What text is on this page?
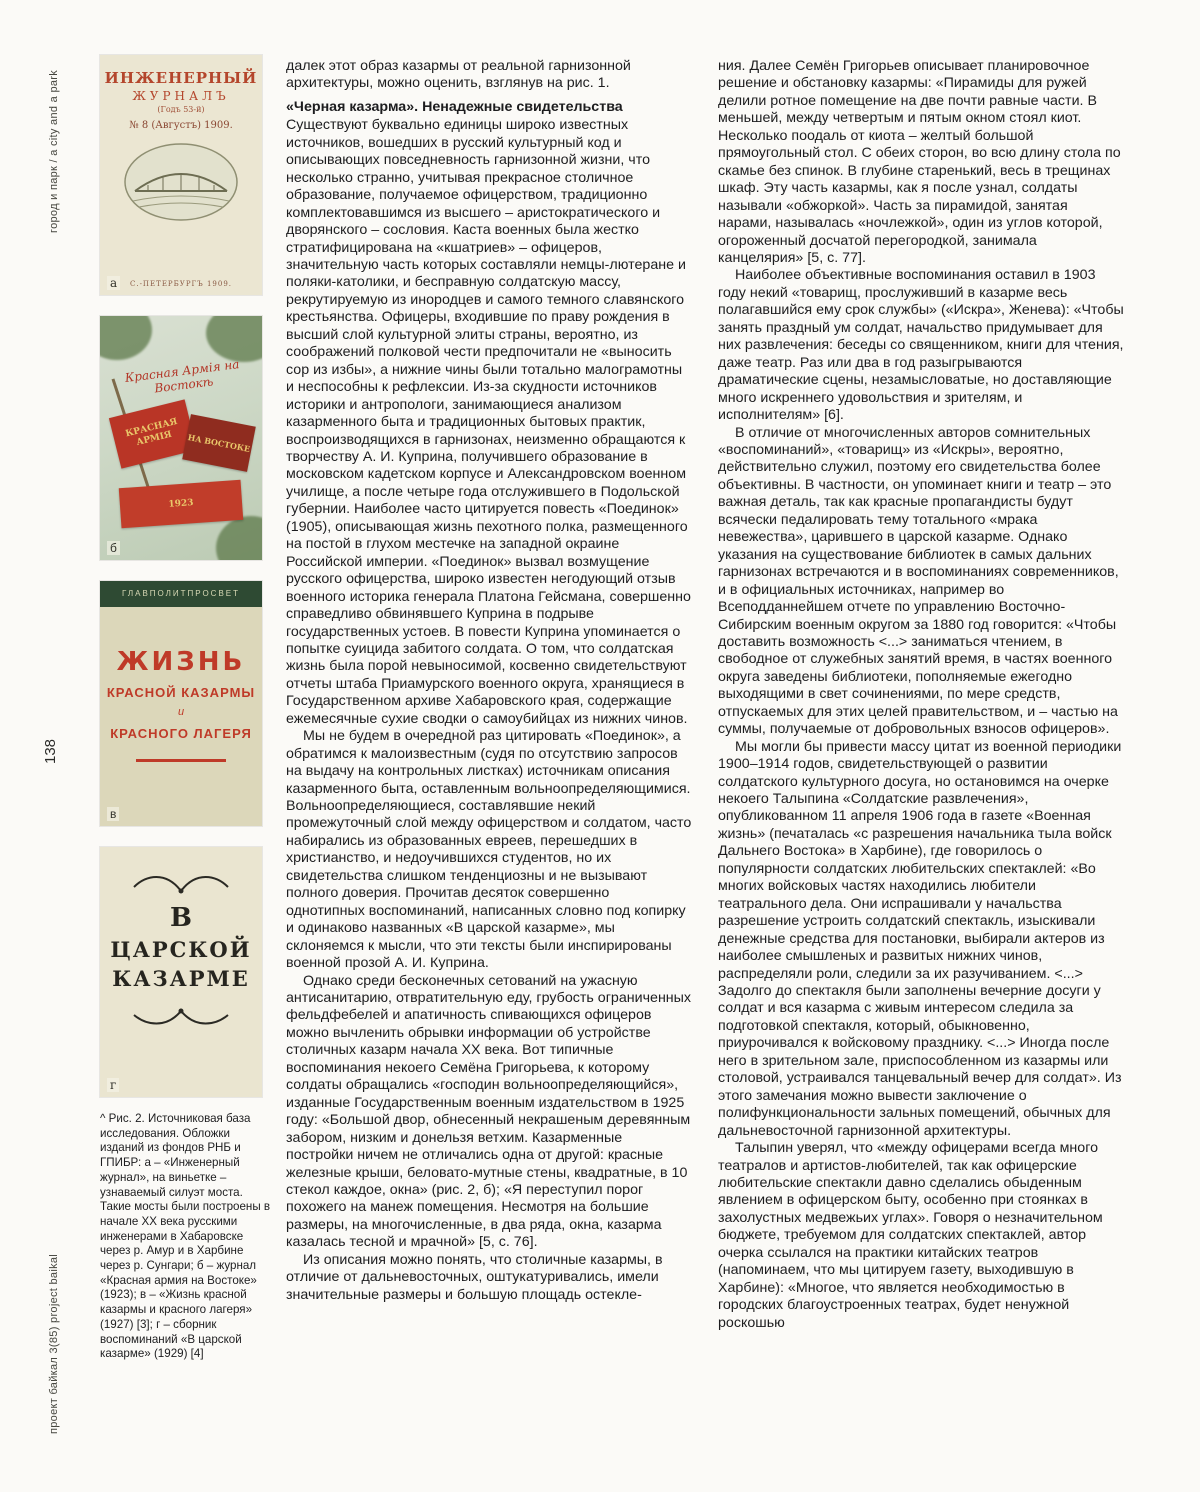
город и парк / a city and a park
138
проект байкал 3(85) project baikal
ИНЖЕНЕРНЫЙ
ЖУРНАЛЪ
(Годъ 53-й)
№ 8 (Августъ) 1909.
С.-ПЕТЕРБУРГЪ 1909.
а
Красная Армія на Востокѣ
КРАСНАЯ АРМІЯ	НА ВОСТОКЕ
1923
б
ГЛАВПОЛИТПРОСВЕТ
ЖИЗНЬ
КРАСНОЙ КАЗАРМЫ
и
КРАСНОГО ЛАГЕРЯ
в
В
ЦАРСКОЙ
КАЗАРМЕ
г
^ Рис. 2. Источниковая база исследования. Обложки изданий из фондов РНБ и ГПИБР: а – «Инженерный журнал», на виньетке – узнаваемый силуэт моста. Такие мосты были построены в начале XX века русскими инженерами в Хабаровске через р. Амур и в Харбине через р. Сунгари; б – журнал «Красная армия на Востоке» (1923); в – «Жизнь красной казармы и красного лагеря» (1927) [3]; г – сборник воспоминаний «В царской казарме» (1929) [4]

далек этот образ казармы от реальной гарнизонной архитектуры, можно оценить, взглянув на рис. 1.

«Черная казарма». Ненадежные свидетельства

Существуют буквально единицы широко известных источников, вошедших в русский культурный код и описывающих повседневность гарнизонной жизни, что несколько странно, учитывая прекрасное столичное образование, получаемое офицерством, традиционно комплектовавшимся из высшего – аристократического и дворянского – сословия. Каста военных была жестко стратифицирована на «кшатриев» – офицеров, значительную часть которых составляли немцы-лютеране и поляки-католики, и бесправную солдатскую массу, рекрутируемую из инородцев и самого темного славянского крестьянства. Офицеры, входившие по праву рождения в высший слой культурной элиты страны, вероятно, из соображений полковой чести предпочитали не «выносить сор из избы», а нижние чины были тотально малограмотны и неспособны к рефлексии. Из-за скудности источников историки и антропологи, занимающиеся анализом казарменного быта и традиционных бытовых практик, воспроизводящихся в гарнизонах, неизменно обращаются к творчеству А. И. Куприна, получившего образование в московском кадетском корпусе и Александровском военном училище, а после четыре года отслужившего в Подольской губернии. Наиболее часто цитируется повесть «Поединок» (1905), описывающая жизнь пехотного полка, размещенного на постой в глухом местечке на западной окраине Российской империи. «Поединок» вызвал возмущение русского офицерства, широко известен негодующий отзыв военного историка генерала Платона Гейсмана, совершенно справедливо обвинявшего Куприна в подрыве государственных устоев. В повести Куприна упоминается о попытке суицида забитого солдата. О том, что солдатская жизнь была порой невыносимой, косвенно свидетельствуют отчеты штаба Приамурского военного округа, хранящиеся в Государственном архиве Хабаровского края, содержащие ежемесячные сухие сводки о самоубийцах из нижних чинов.

Мы не будем в очередной раз цитировать «Поединок», а обратимся к малоизвестным (судя по отсутствию запросов на выдачу на контрольных листках) источникам описания казарменного быта, оставленным вольноопределяющимися. Вольноопределяющиеся, составлявшие некий промежуточный слой между офицерством и солдатом, часто набирались из образованных евреев, перешедших в христианство, и недоучившихся студентов, но их свидетельства слишком тенденциозны и не вызывают полного доверия. Прочитав десяток совершенно однотипных воспоминаний, написанных словно под копирку и одинаково названных «В царской казарме», мы склоняемся к мысли, что эти тексты были инспирированы военной прозой А. И. Куприна.

Однако среди бесконечных сетований на ужасную антисанитарию, отвратительную еду, грубость ограниченных фельдфебелей и апатичность спивающихся офицеров можно вычленить обрывки информации об устройстве столичных казарм начала XX века. Вот типичные воспоминания некоего Семёна Григорьева, к которому солдаты обращались «господин вольноопределяющийся», изданные Государственным военным издательством в 1925 году: «Большой двор, обнесенный некрашеным деревянным забором, низким и донельзя ветхим. Казарменные постройки ничем не отличались одна от другой: красные железные крыши, беловато-мутные стены, квадратные, в 10 стекол каждое, окна» (рис. 2, б); «Я переступил порог похожего на манеж помещения. Несмотря на большие размеры, на многочисленные, в два ряда, окна, казарма казалась тесной и мрачной» [5, с. 76].

Из описания можно понять, что столичные казармы, в отличие от дальневосточных, оштукатуривались, имели значительные размеры и большую площадь остекле-

ния. Далее Семён Григорьев описывает планировочное решение и обстановку казармы: «Пирамиды для ружей делили ротное помещение на две почти равные части. В меньшей, между четвертым и пятым окном стоял киот. Несколько поодаль от киота – желтый большой прямоугольный стол. С обеих сторон, во всю длину стола по скамье без спинок. В глубине старенький, весь в трещинах шкаф. Эту часть казармы, как я после узнал, солдаты называли «обжоркой». Часть за пирамидой, занятая нарами, называлась «ночлежкой», один из углов которой, огороженный досчатой перегородкой, занимала канцелярия» [5, с. 77].

Наиболее объективные воспоминания оставил в 1903 году некий «товарищ, прослуживший в казарме весь полагавшийся ему срок службы» («Искра», Женева): «Чтобы занять праздный ум солдат, начальство придумывает для них развлечения: беседы со священником, книги для чтения, даже театр. Раз или два в год разыгрываются драматические сцены, незамысловатые, но доставляющие много искреннего удовольствия и зрителям, и исполнителям» [6].

В отличие от многочисленных авторов сомнительных «воспоминаний», «товарищ» из «Искры», вероятно, действительно служил, поэтому его свидетельства более объективны. В частности, он упоминает книги и театр – это важная деталь, так как красные пропагандисты будут всячески педалировать тему тотального «мрака невежества», царившего в царской казарме. Однако указания на существование библиотек в самых дальних гарнизонах встречаются и в воспоминаниях современников, и в официальных источниках, например во Всеподданнейшем отчете по управлению Восточно-Сибирским военным округом за 1880 год говорится: «Чтобы доставить возможность <...> заниматься чтением, в свободное от служебных занятий время, в частях военного округа заведены библиотеки, пополняемые ежегодно выходящими в свет сочинениями, по мере средств, отпускаемых для этих целей правительством, и – частью на суммы, получаемые от добровольных взносов офицеров».

Мы могли бы привести массу цитат из военной периодики 1900–1914 годов, свидетельствующей о развитии солдатского культурного досуга, но остановимся на очерке некоего Талыпина «Солдатские развлечения», опубликованном 11 апреля 1906 года в газете «Военная жизнь» (печаталась «с разрешения начальника тыла войск Дальнего Востока» в Харбине), где говорилось о популярности солдатских любительских спектаклей: «Во многих войсковых частях находились любители театрального дела. Они испрашивали у начальства разрешение устроить солдатский спектакль, изыскивали денежные средства для постановки, выбирали актеров из наиболее смышленых и развитых нижних чинов, распределяли роли, следили за их разучиванием. <...> Задолго до спектакля были заполнены вечерние досуги у солдат и вся казарма с живым интересом следила за подготовкой спектакля, который, обыкновенно, приурочивался к войсковому празднику. <...> Иногда после него в зрительном зале, приспособленном из казармы или столовой, устраивался танцевальный вечер для солдат». Из этого замечания можно вывести заключение о полифункциональности зальных помещений, обычных для дальневосточной гарнизонной архитектуры.

Талыпин уверял, что «между офицерами всегда много театралов и артистов-любителей, так как офицерские любительские спектакли давно сделались обыденным явлением в офицерском быту, особенно при стоянках в захолустных медвежьих углах». Говоря о незначительном бюджете, требуемом для солдатских спектаклей, автор очерка ссылался на практики китайских театров (напоминаем, что мы цитируем газету, выходившую в Харбине): «Многое, что является необходимостью в городских благоустроенных театрах, будет ненужной роскошью
